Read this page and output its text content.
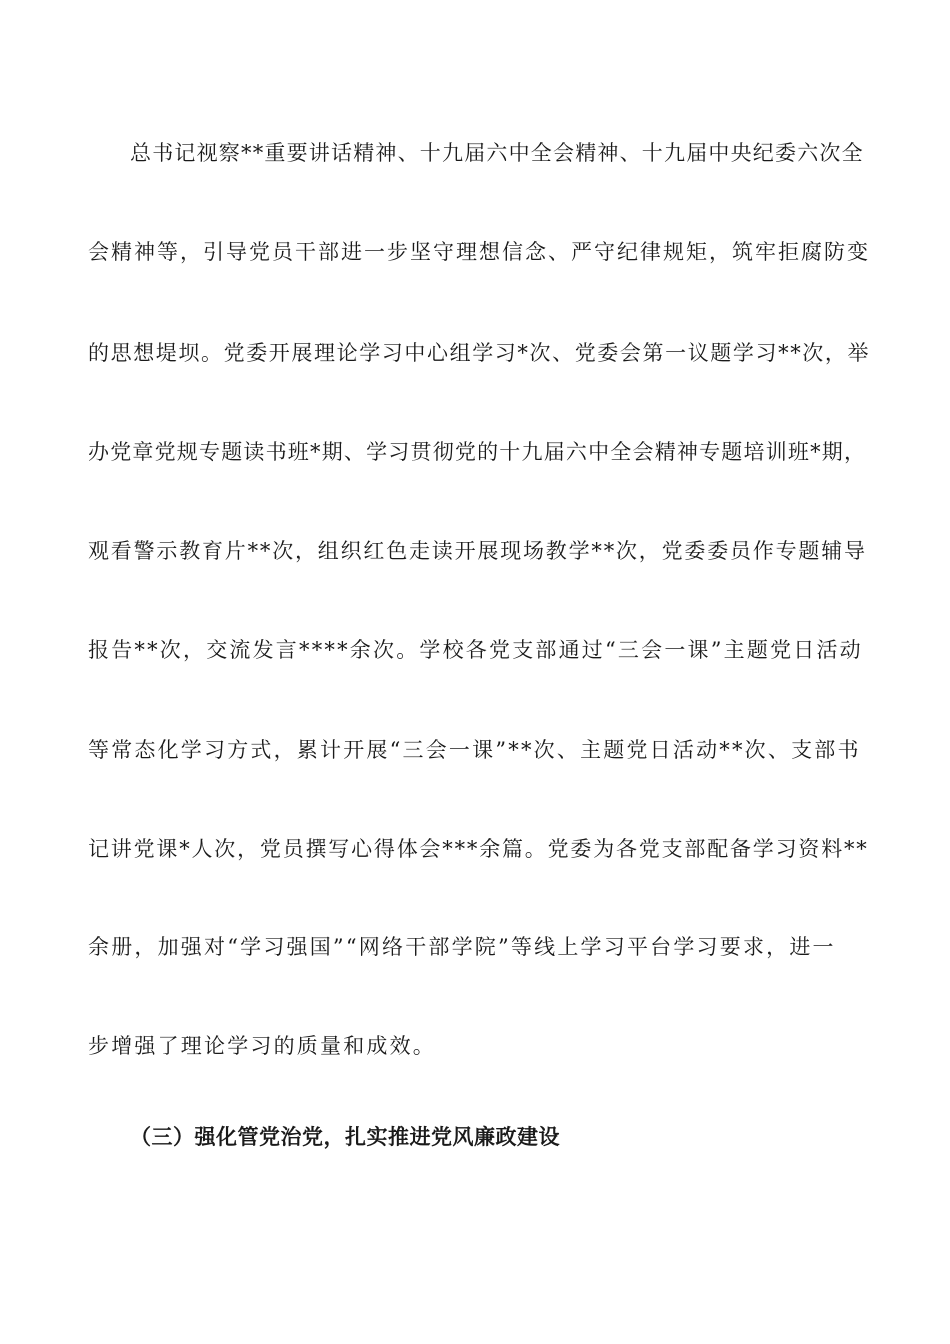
总书记视察**重要讲话精神、十九届六中全会精神、十九届中央纪委六次全
会精神等，引导党员干部进一步坚守理想信念、严守纪律规矩，筑牢拒腐防变
的思想堤坝。党委开展理论学习中心组学习*次、党委会第一议题学习**次，举
办党章党规专题读书班*期、学习贯彻党的十九届六中全会精神专题培训班*期，
观看警示教育片**次，组织红色走读开展现场教学**次，党委委员作专题辅导
报告**次，交流发言****余次。学校各党支部通过“三会一课”主题党日活动
等常态化学习方式，累计开展“三会一课”**次、主题党日活动**次、支部书
记讲党课*人次，党员撰写心得体会***余篇。党委为各党支部配备学习资料**
余册，加强对“学习强国”“网络干部学院”等线上学习平台学习要求，进一
步增强了理论学习的质量和成效。
（三）强化管党治党，扎实推进党风廉政建设
